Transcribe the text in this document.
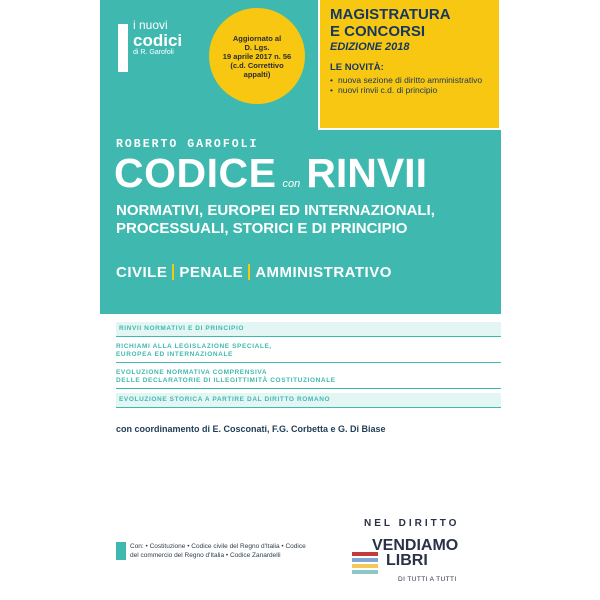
i nuovi
codici
di R. Garofoli
Aggiornato al
D. Lgs.
19 aprile 2017 n. 56
(c.d. Correttivo
appalti)
MAGISTRATURA
E CONCORSI
EDIZIONE 2018
LE NOVITÀ:
• nuova sezione di diritto amministrativo
• nuovi rinvii c.d. di principio
ROBERTO GAROFOLI
CODICE con RINVII
NORMATIVI, EUROPEI ED INTERNAZIONALI,
PROCESSUALI, STORICI E DI PRINCIPIO
CIVILE PENALE AMMINISTRATIVO
RINVII NORMATIVI E DI PRINCIPIO
RICHIAMI ALLA LEGISLAZIONE SPECIALE,
EUROPEA ED INTERNAZIONALE
EVOLUZIONE NORMATIVA COMPRENSIVA
DELLE DECLARATORIE DI ILLEGITTIMITÀ COSTITUZIONALE
EVOLUZIONE STORICA A PARTIRE DAL DIRITTO ROMANO
con coordinamento di E. Cosconati, F.G. Corbetta e G. Di Biase
Con: • Costituzione • Codice civile del Regno d'Italia • Codice
del commercio del Regno d'Italia • Codice Zanardelli
NEL DIRITTO
VENDIAMO
LIBRI
DI TUTTI A TUTTI
